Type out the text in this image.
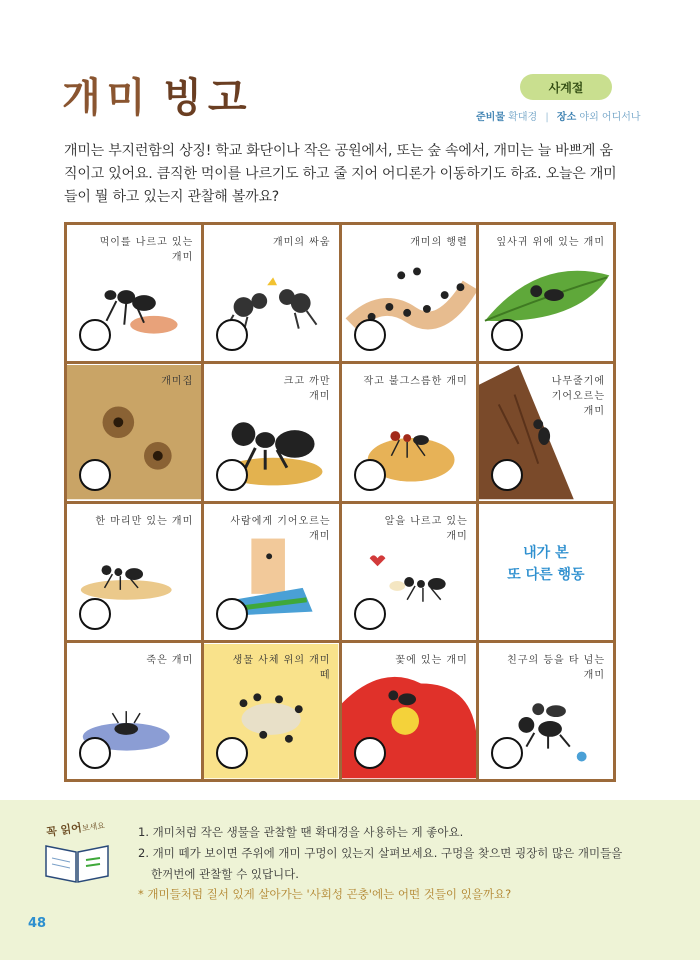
개미 빙고	사계절
준비물 확대경 | 장소 야외 어디서나
개미는 부지런함의 상징! 학교 화단이나 작은 공원에서, 또는 숲 속에서, 개미는 늘 바쁘게 움직이고 있어요. 큼직한 먹이를 나르기도 하고 줄 지어 어디론가 이동하기도 하죠. 오늘은 개미들이 뭘 하고 있는지 관찰해 볼까요?
먹이를 나르고 있는
개미
개미의 싸움	개미의 행렬	잎사귀 위에 있는 개미
개미집	크고 까만
개미
작고 불그스름한 개미	나무줄기에
기어오르는
개미
한 마리만 있는 개미	사람에게 기어오르는
개미
알을 나르고 있는
개미
내가 본
또 다른 행동
죽은 개미	생물 사체 위의 개미 떼
꽃에 있는 개미	친구의 등을 타 넘는
개미
꼭 읽어보세요	1. 개미처럼 작은 생물을 관찰할 땐 확대경을 사용하는 게 좋아요.
2. 개미 떼가 보이면 주위에 개미 구멍이 있는지 살펴보세요. 구멍을 찾으면 굉장히 많은 개미들을
한꺼번에 관찰할 수 있답니다.
* 개미들처럼 질서 있게 살아가는 '사회성 곤충'에는 어떤 것들이 있을까요?
48
